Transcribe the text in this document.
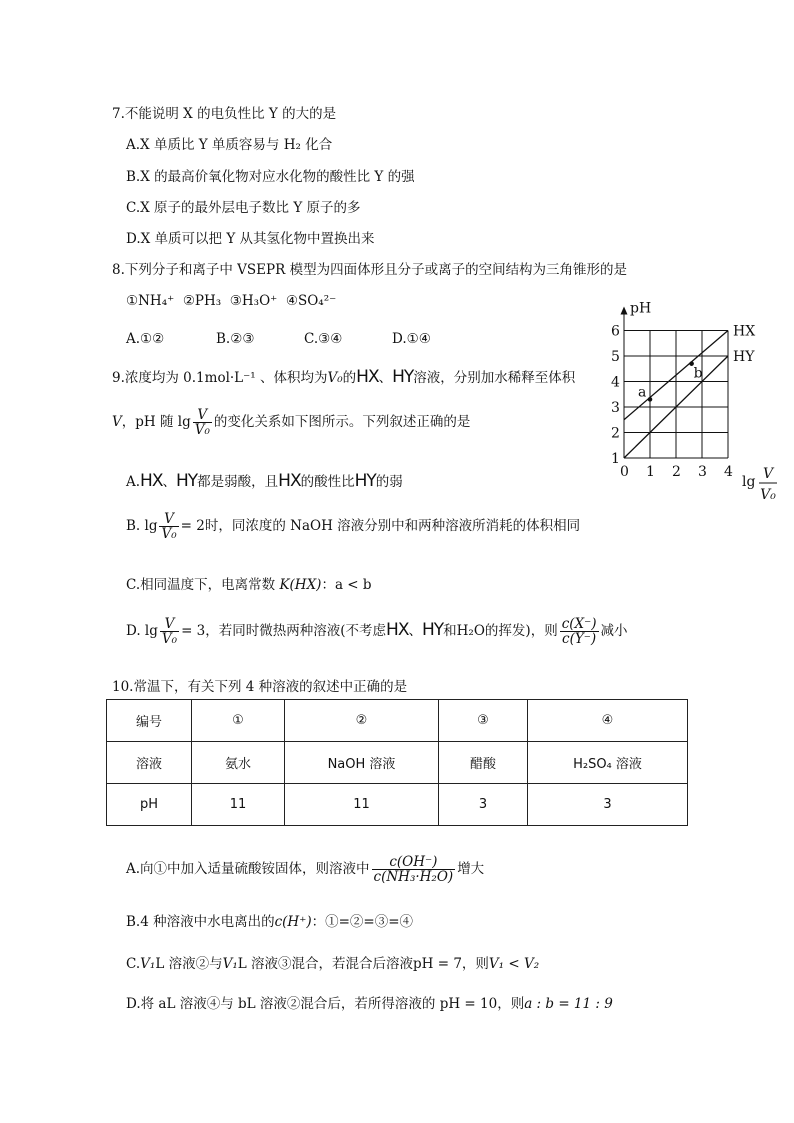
7.不能说明 X 的电负性比 Y 的大的是
A.X 单质比 Y 单质容易与 H₂ 化合
B.X 的最高价氧化物对应水化物的酸性比 Y 的强
C.X 原子的最外层电子数比 Y 原子的多
D.X 单质可以把 Y 从其氢化物中置换出来
8.下列分子和离子中 VSEPR 模型为四面体形且分子或离子的空间结构为三角锥形的是
①NH₄⁺ ②PH₃ ③H₃O⁺ ④SO₄²⁻
A.①②	B.②③	C.③④	D.①④
9.浓度均为 0.1mol·L⁻¹ 、体积均为V₀的HX、HY溶液，分别加水稀释至体积
V，pH 随 $\lg \frac{V}{\text{V₀}}$ 的变化关系如下图所示。下列叙述正确的是
A.HX、HY都是弱酸，且HX的酸性比HY的弱
B. $\lg \frac{V}{\text{V₀}} = 2$时，同浓度的 NaOH 溶液分别中和两种溶液所消耗的体积相同
C.相同温度下，电离常数 K(HX)：a < b
D. $\lg \frac{V}{\text{V₀}} = 3$，若同时微热两种溶液(不考虑HX、HY和H₂O的挥发)，则 $\frac{c(X^-)}{c(Y^-)}$ 减小
HX
HY
a
b
1
2
3
4
5
6
0 1 2 3 4
pH
lg V
V₀
10.常温下，有关下列 4 种溶液的叙述中正确的是
编号	①	②	③	④
溶液	氨水	NaOH 溶液	醋酸	H₂SO₄ 溶液
pH	11	11	3	3
A.向①中加入适量硫酸铵固体，则溶液中 $\frac{c(OH^-)}{\text{c(NH₃·H₂O)}}$ 增大
B.4 种溶液中水电离出的c(H⁺)：①=②=③=④
C.V₁L 溶液②与V₁L 溶液③混合，若混合后溶液pH = 7，则V₁ < V₂
D.将 aL 溶液④与 bL 溶液②混合后，若所得溶液的 pH = 10，则a : b = 11 : 9
